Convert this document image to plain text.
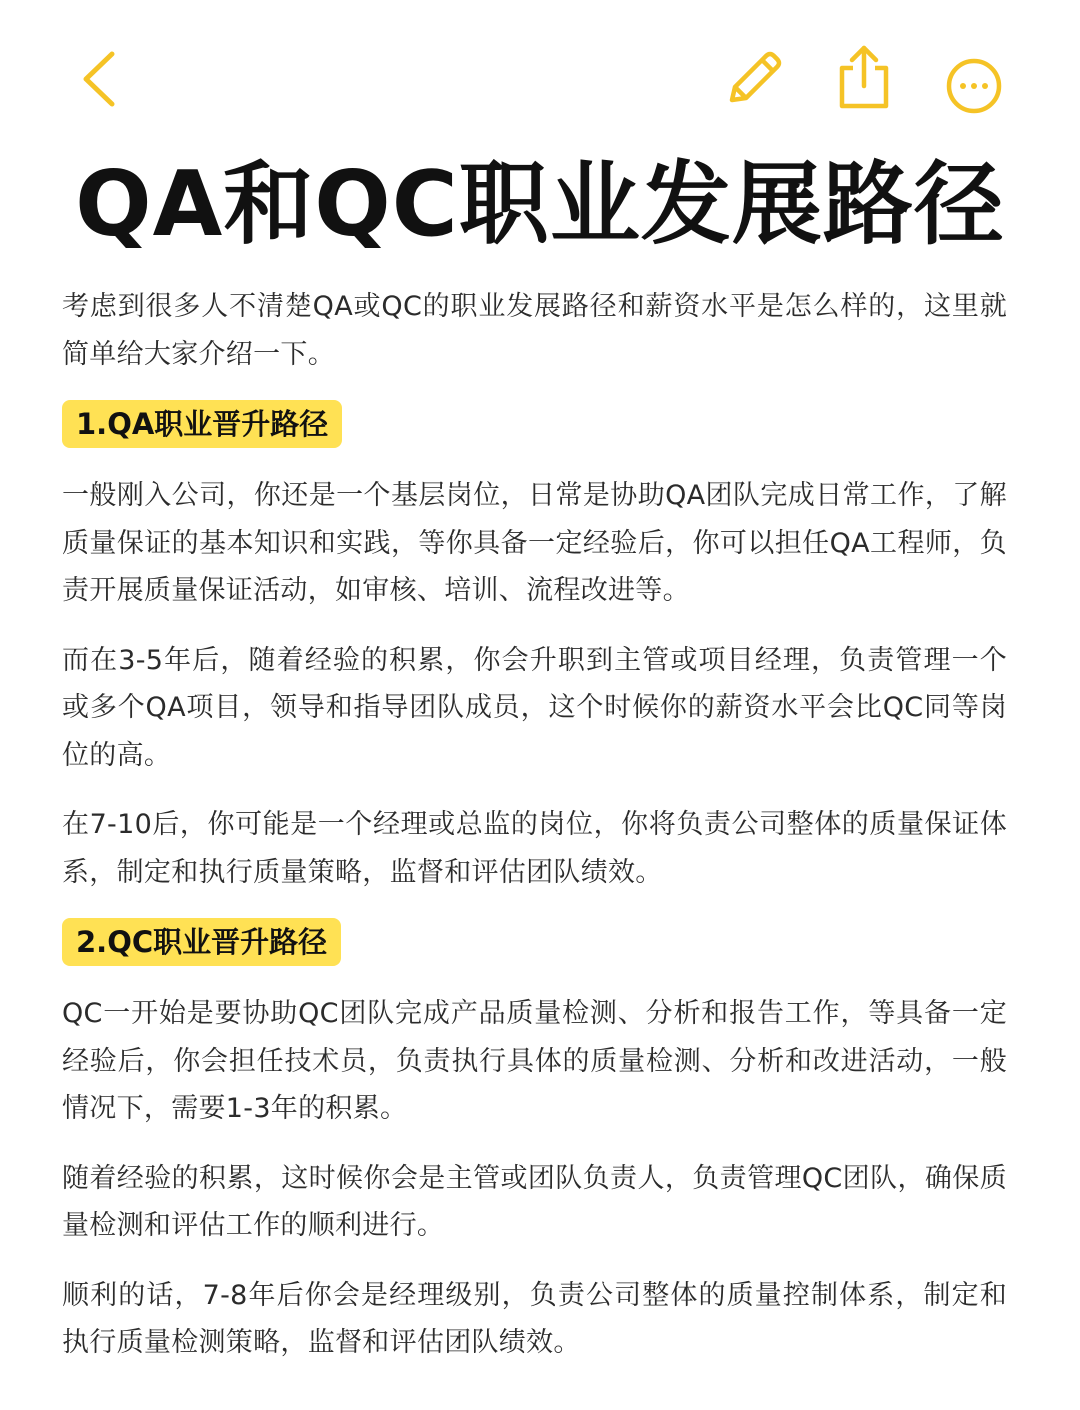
QA和QC职业发展路径

考虑到很多人不清楚QA或QC的职业发展路径和薪资水平是怎么样的，这里就简单给大家介绍一下。

1.QA职业晋升路径

一般刚入公司，你还是一个基层岗位，日常是协助QA团队完成日常工作，了解质量保证的基本知识和实践，等你具备一定经验后，你可以担任QA工程师，负责开展质量保证活动，如审核、培训、流程改进等。

而在3-5年后，随着经验的积累，你会升职到主管或项目经理，负责管理一个或多个QA项目，领导和指导团队成员，这个时候你的薪资水平会比QC同等岗位的高。

在7-10后，你可能是一个经理或总监的岗位，你将负责公司整体的质量保证体系，制定和执行质量策略，监督和评估团队绩效。

2.QC职业晋升路径

QC一开始是要协助QC团队完成产品质量检测、分析和报告工作，等具备一定经验后，你会担任技术员，负责执行具体的质量检测、分析和改进活动，一般情况下，需要1-3年的积累。

随着经验的积累，这时候你会是主管或团队负责人，负责管理QC团队，确保质量检测和评估工作的顺利进行。

顺利的话，7-8年后你会是经理级别，负责公司整体的质量控制体系，制定和执行质量检测策略，监督和评估团队绩效。
